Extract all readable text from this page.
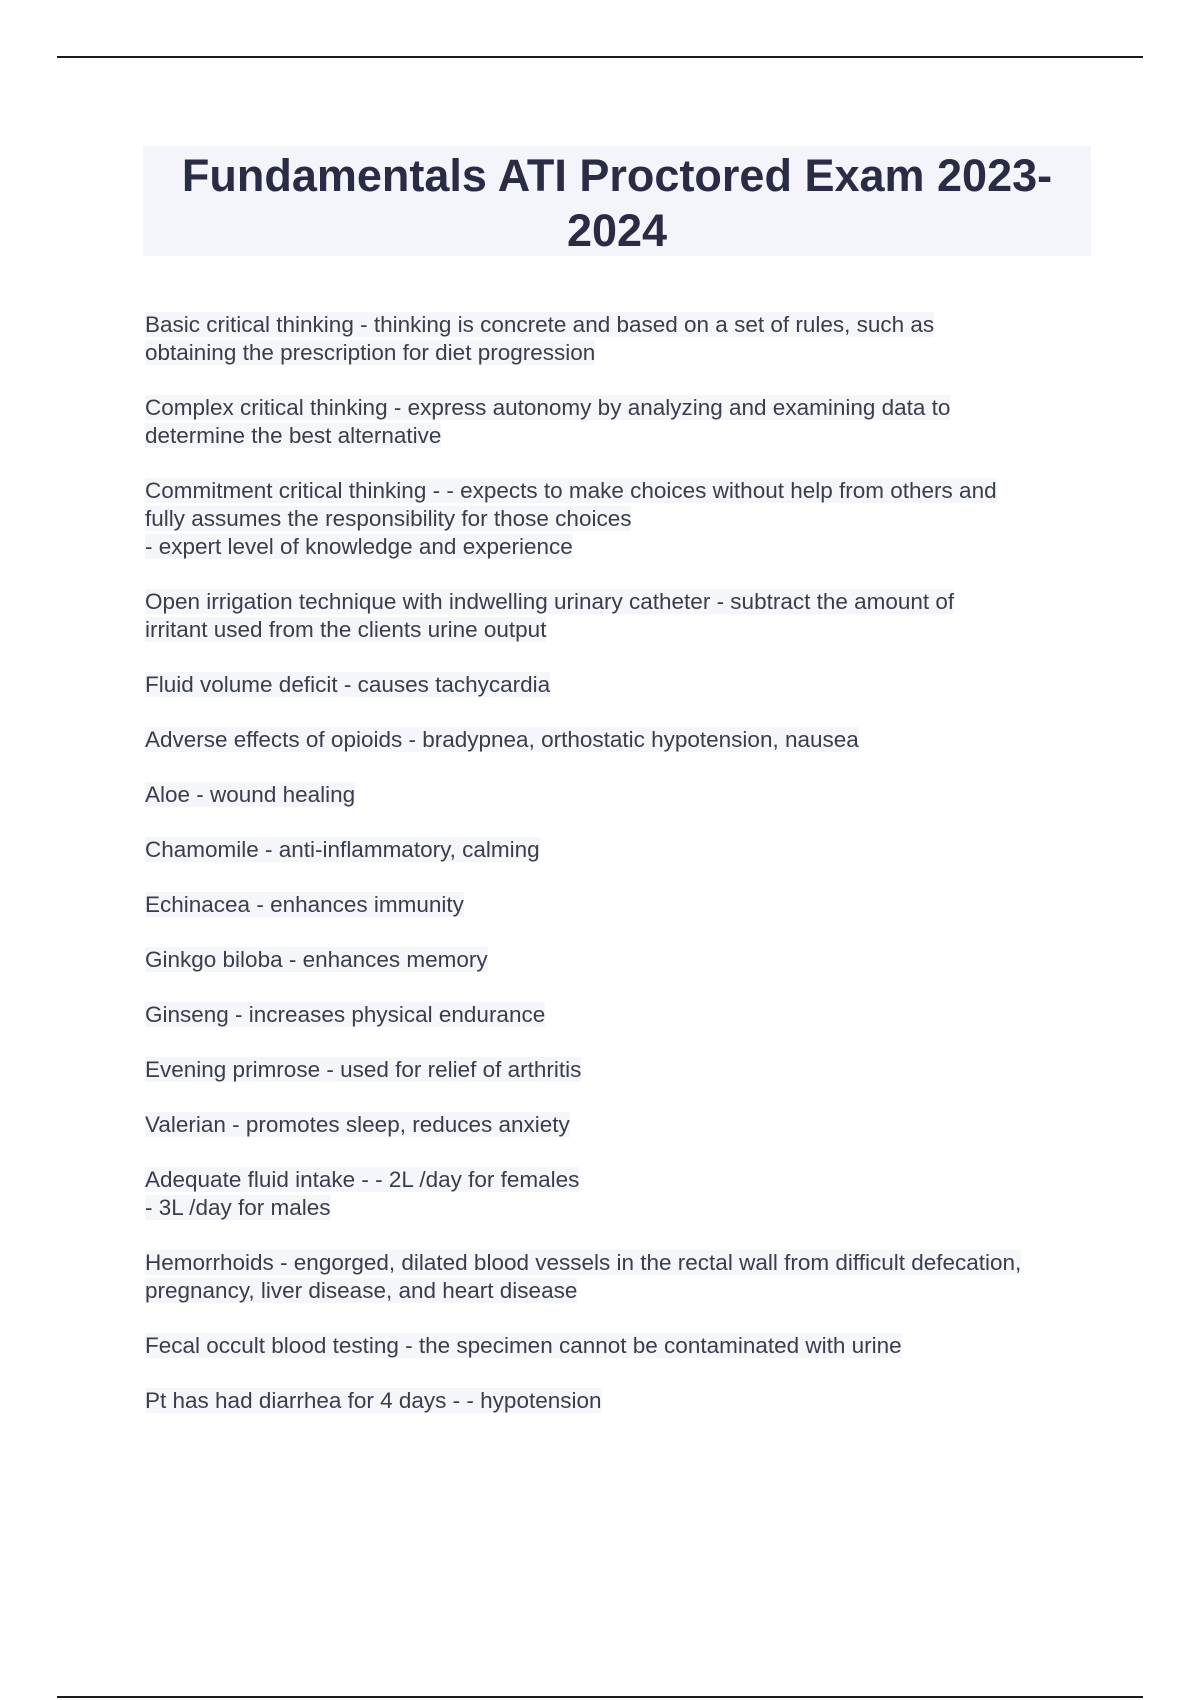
Fundamentals ATI Proctored Exam 2023-2024
Basic critical thinking - thinking is concrete and based on a set of rules, such as
obtaining the prescription for diet progression
Complex critical thinking - express autonomy by analyzing and examining data to
determine the best alternative
Commitment critical thinking - - expects to make choices without help from others and
fully assumes the responsibility for those choices
- expert level of knowledge and experience
Open irrigation technique with indwelling urinary catheter - subtract the amount of
irritant used from the clients urine output
Fluid volume deficit - causes tachycardia
Adverse effects of opioids - bradypnea, orthostatic hypotension, nausea
Aloe - wound healing
Chamomile - anti-inflammatory, calming
Echinacea - enhances immunity
Ginkgo biloba - enhances memory
Ginseng - increases physical endurance
Evening primrose - used for relief of arthritis
Valerian - promotes sleep, reduces anxiety
Adequate fluid intake - - 2L /day for females
- 3L /day for males
Hemorrhoids - engorged, dilated blood vessels in the rectal wall from difficult defecation,
pregnancy, liver disease, and heart disease
Fecal occult blood testing - the specimen cannot be contaminated with urine
Pt has had diarrhea for 4 days - - hypotension
